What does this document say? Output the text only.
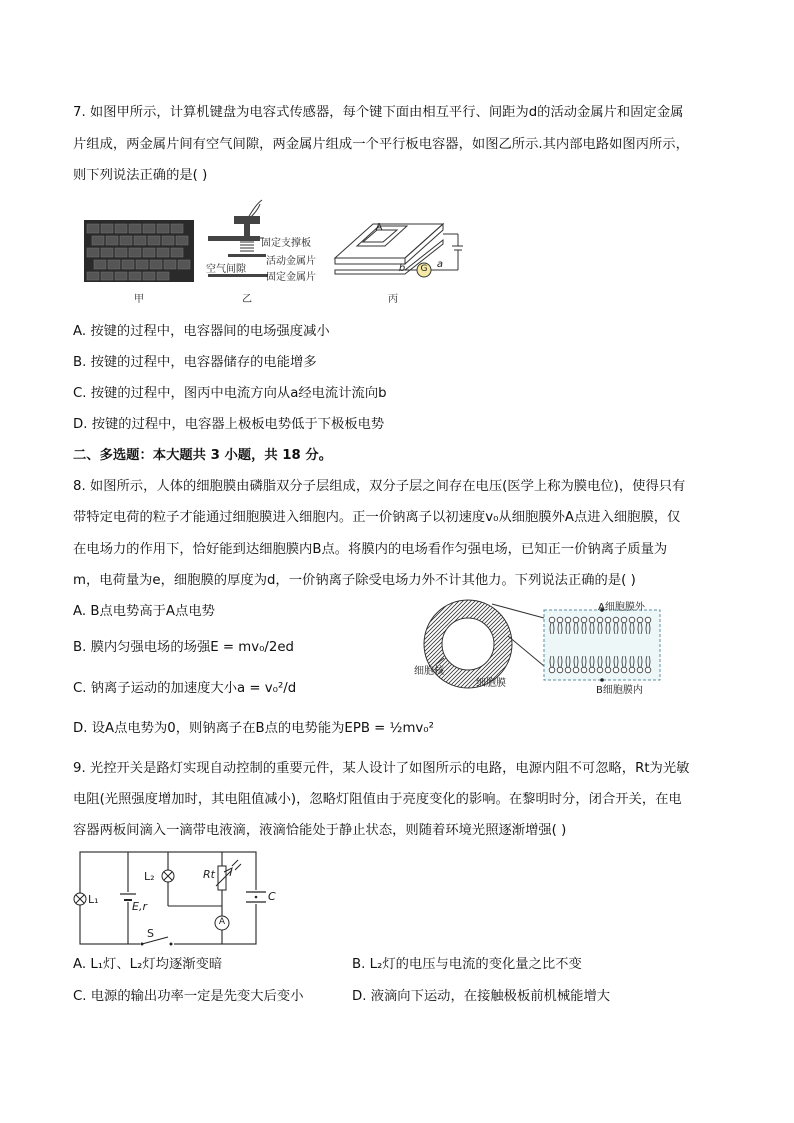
7. 如图甲所示，计算机键盘为电容式传感器，每个键下面由相互平行、间距为d的活动金属片和固定金属
片组成，两金属片间有空气间隙，两金属片组成一个平行板电容器，如图乙所示.其内部电路如图丙所示，
则下列说法正确的是( )
甲
固定支撑板
空气间隙
活动金属片
固定金属片
乙
A
b	a
G
丙
A. 按键的过程中，电容器间的电场强度减小
B. 按键的过程中，电容器储存的电能增多
C. 按键的过程中，图丙中电流方向从a经电流计流向b
D. 按键的过程中，电容器上极板电势低于下极板电势
二、多选题：本大题共 3 小题，共 18 分。
8. 如图所示，人体的细胞膜由磷脂双分子层组成，双分子层之间存在电压(医学上称为膜电位)，使得只有
带特定电荷的粒子才能通过细胞膜进入细胞内。正一价钠离子以初速度v₀从细胞膜外A点进入细胞膜，仅
在电场力的作用下，恰好能到达细胞膜内B点。将膜内的电场看作匀强电场，已知正一价钠离子质量为
m，电荷量为e，细胞膜的厚度为d，一价钠离子除受电场力外不计其他力。下列说法正确的是( )
A. B点电势高于A点电势
B. 膜内匀强电场的场强E = mv₀/2ed
C. 钠离子运动的加速度大小a = v₀²/d
D. 设A点电势为0，则钠离子在B点的电势能为EPB = ½mv₀²
A细胞膜外
B细胞膜内
细胞核
细胞膜
9. 光控开关是路灯实现自动控制的重要元件，某人设计了如图所示的电路，电源内阻不可忽略，Rt为光敏
电阻(光照强度增加时，其电阻值减小)，忽略灯阻值由于亮度变化的影响。在黎明时分，闭合开关，在电
容器两板间滴入一滴带电液滴，液滴恰能处于静止状态，则随着环境光照逐渐增强( )
L₁
L₂	Rt
C
E,r
S
A
A. L₁灯、L₂灯均逐渐变暗	B. L₂灯的电压与电流的变化量之比不变
C. 电源的输出功率一定是先变大后变小	D. 液滴向下运动，在接触极板前机械能增大
